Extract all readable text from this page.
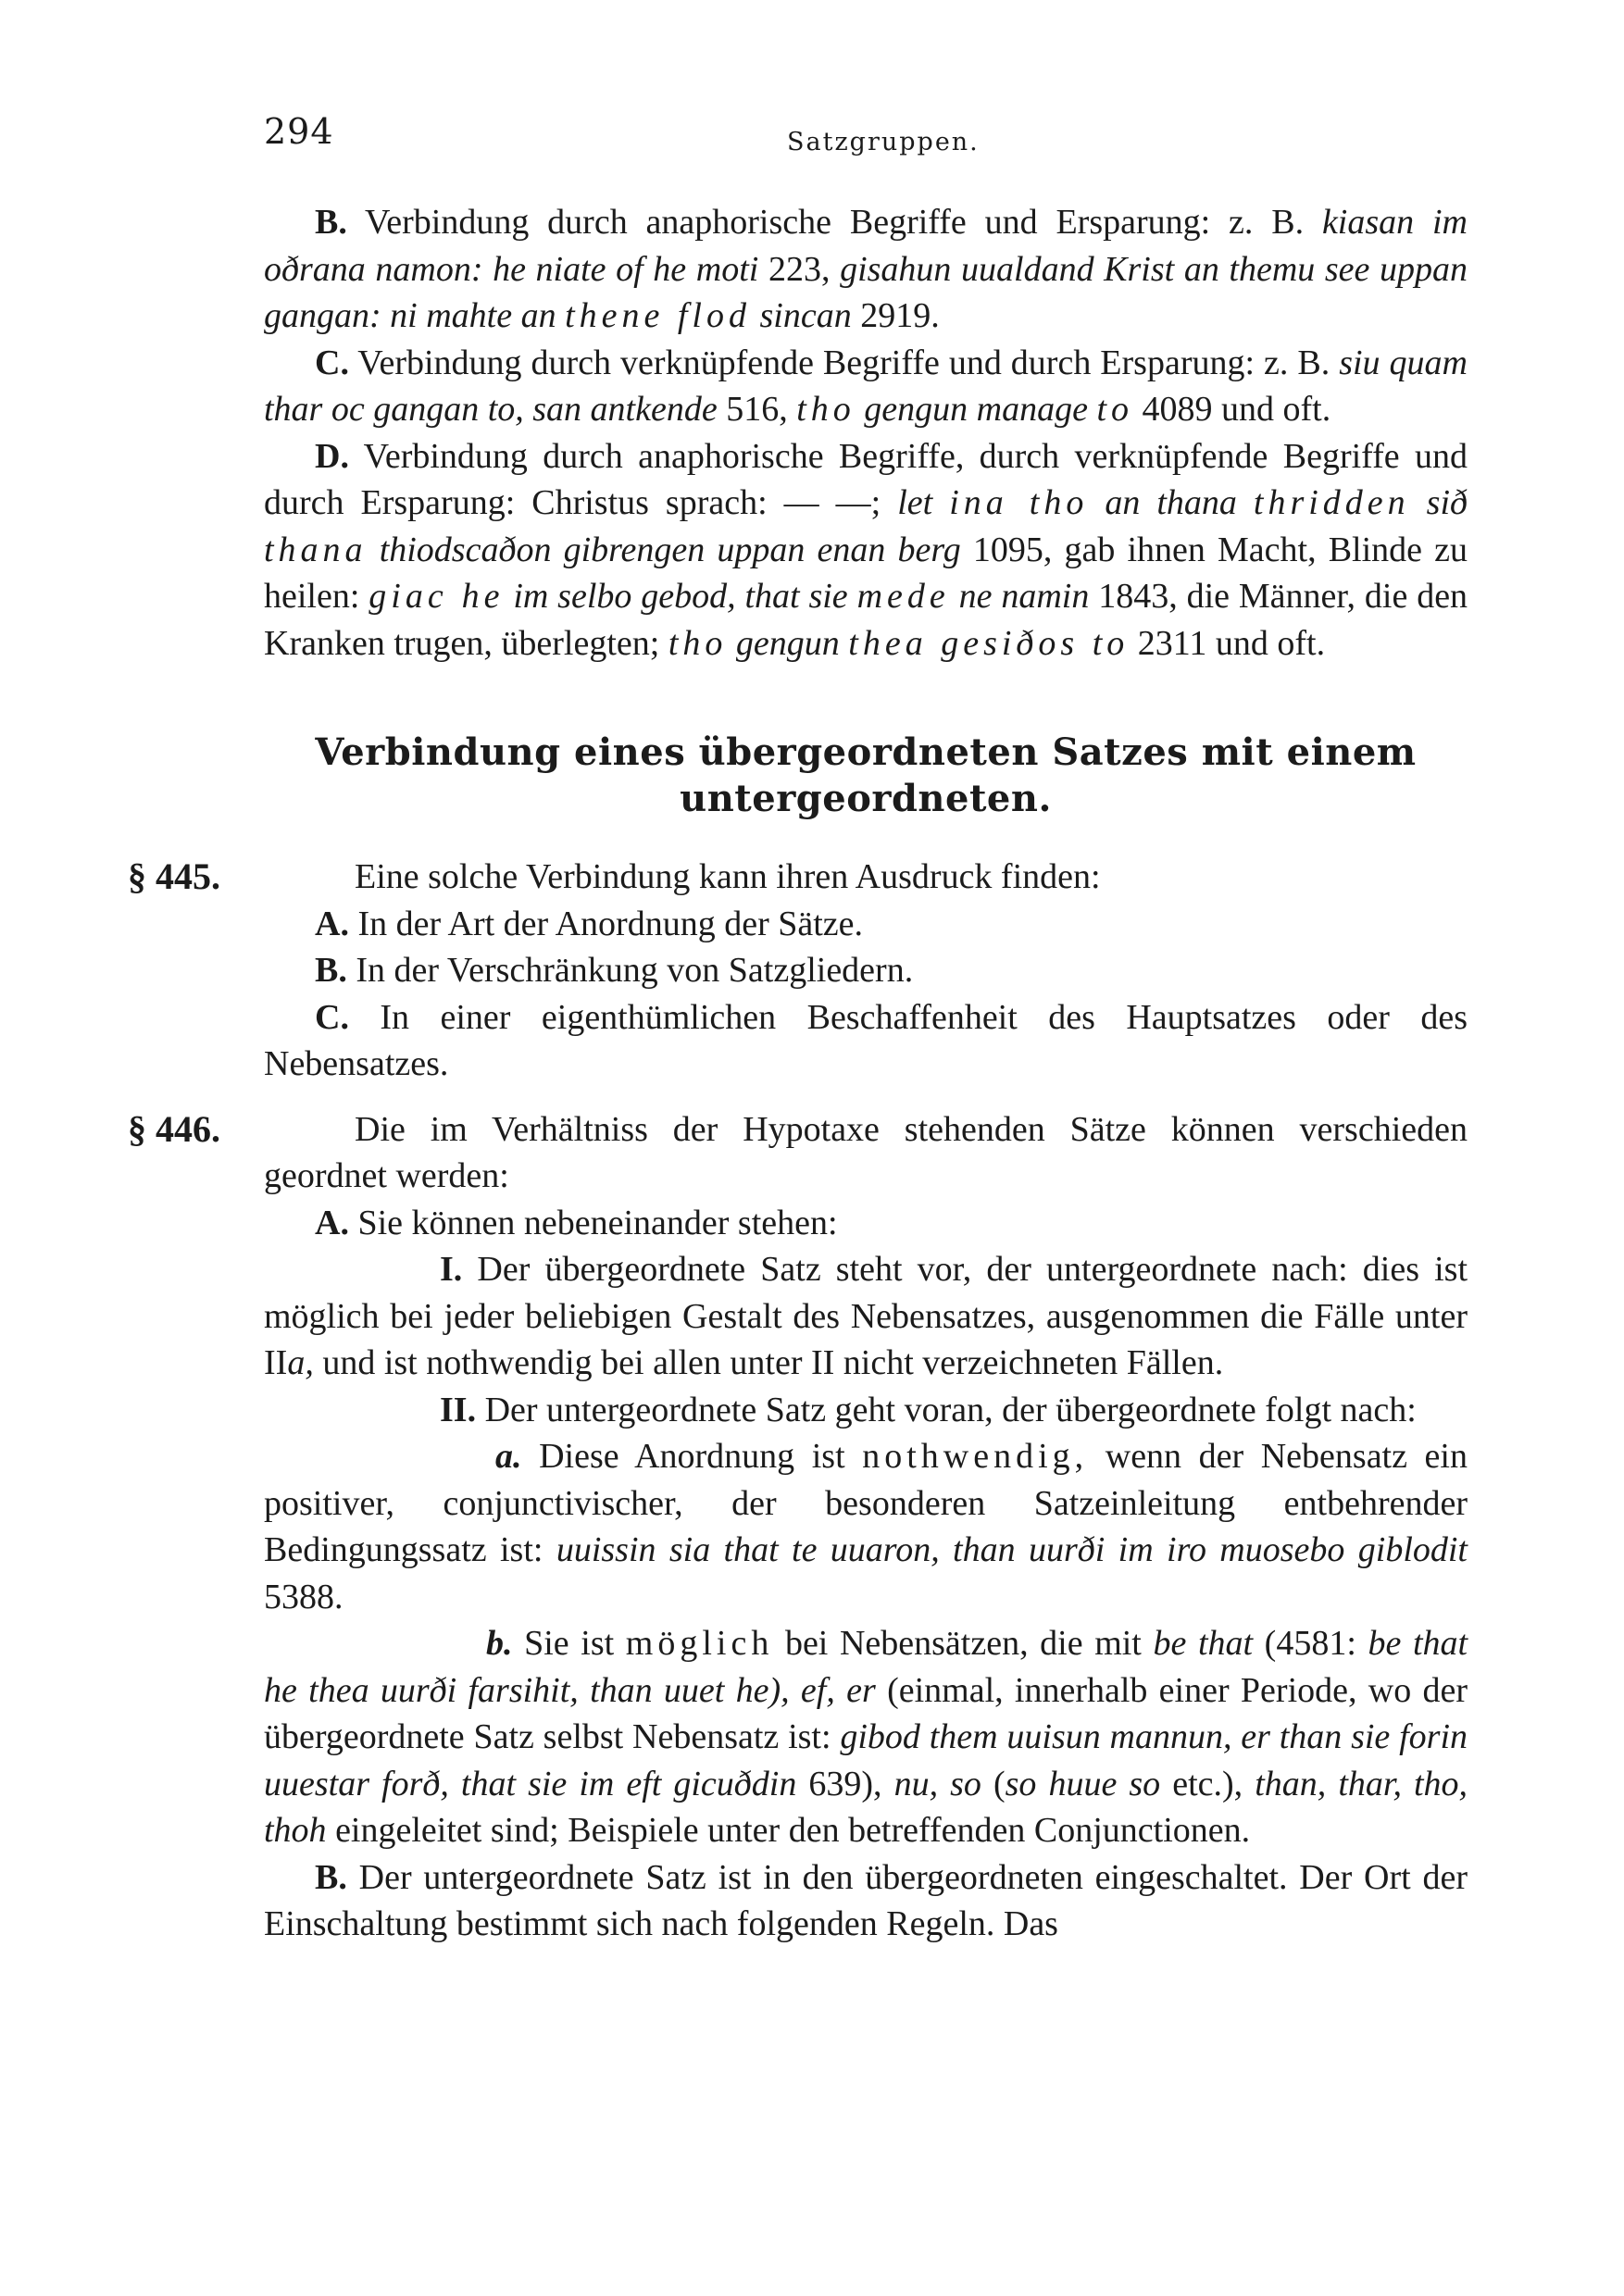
294	Satzgruppen.

B. Verbindung durch anaphorische Begriffe und Ersparung: z. B. kiasan im oðrana namon: he niate of he moti 223, gisahun uualdand Krist an themu see uppan gangan: ni mahte an thene flod sincan 2919.

C. Verbindung durch verknüpfende Begriffe und durch Ersparung: z. B. siu quam thar oc gangan to, san antkende 516, tho gengun manage to 4089 und oft.

D. Verbindung durch anaphorische Begriffe, durch verknüpfende Begriffe und durch Ersparung: Christus sprach: — —; let ina tho an thana thridden sið thana thiodscaðon gibrengen uppan enan berg 1095, gab ihnen Macht, Blinde zu heilen: giac he im selbo gebod, that sie mede ne namin 1843, die Männer, die den Kranken trugen, überlegten; tho gengun thea gesiðos to 2311 und oft.

Verbindung eines übergeordneten Satzes mit einem untergeordneten.

§ 445.	Eine solche Verbindung kann ihren Ausdruck finden:

A. In der Art der Anordnung der Sätze.

B. In der Verschränkung von Satzgliedern.

C. In einer eigenthümlichen Beschaffenheit des Hauptsatzes oder des Nebensatzes.

§ 446.	Die im Verhältniss der Hypotaxe stehenden Sätze können verschieden geordnet werden:

A. Sie können nebeneinander stehen:

I. Der übergeordnete Satz steht vor, der untergeordnete nach: dies ist möglich bei jeder beliebigen Gestalt des Nebensatzes, ausgenommen die Fälle unter IIa, und ist nothwendig bei allen unter II nicht verzeichneten Fällen.

II. Der untergeordnete Satz geht voran, der übergeordnete folgt nach:

a. Diese Anordnung ist nothwendig, wenn der Nebensatz ein positiver, conjunctivischer, der besonderen Satzeinleitung entbehrender Bedingungssatz ist: uuissin sia that te uuaron, than uurði im iro muosebo giblodit 5388.

b. Sie ist möglich bei Nebensätzen, die mit be that (4581: be that he thea uurði farsihit, than uuet he), ef, er (einmal, innerhalb einer Periode, wo der übergeordnete Satz selbst Nebensatz ist: gibod them uuisun mannun, er than sie forin uuestar forð, that sie im eft gicuðdin 639), nu, so (so huue so etc.), than, thar, tho, thoh eingeleitet sind; Beispiele unter den betreffenden Conjunctionen.

B. Der untergeordnete Satz ist in den übergeordneten eingeschaltet. Der Ort der Einschaltung bestimmt sich nach folgenden Regeln. Das
